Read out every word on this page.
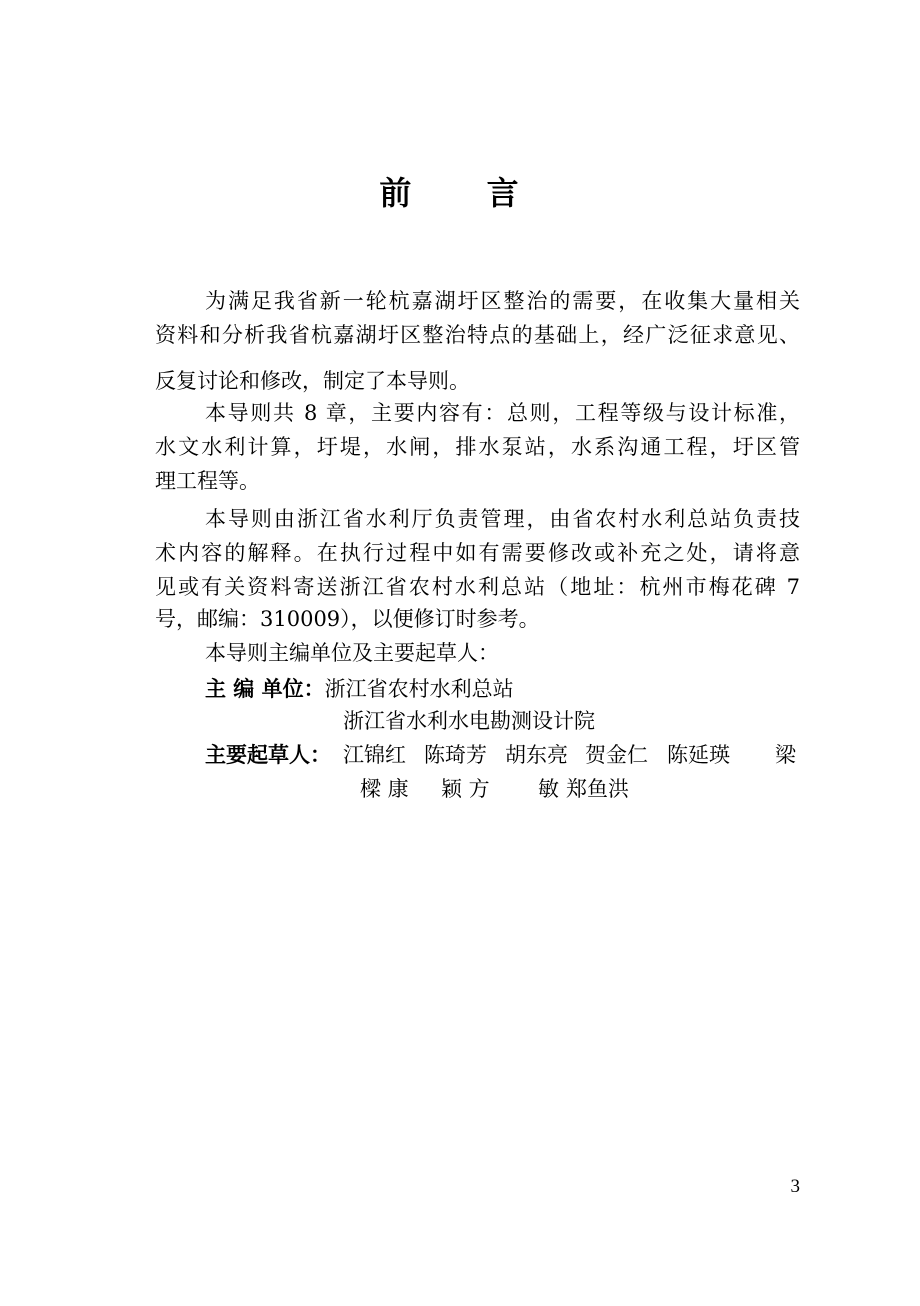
前 言
为满足我省新一轮杭嘉湖圩区整治的需要，在收集大量相关
资料和分析我省杭嘉湖圩区整治特点的基础上，经广泛征求意见、
反复讨论和修改，制定了本导则。
本导则共 8 章，主要内容有：总则，工程等级与设计标准，
水文水利计算，圩堤，水闸，排水泵站，水系沟通工程，圩区管
理工程等。
本导则由浙江省水利厅负责管理，由省农村水利总站负责技
术内容的解释。在执行过程中如有需要修改或补充之处，请将意
见或有关资料寄送浙江省农村水利总站（地址：杭州市梅花碑 7
号，邮编：310009），以便修订时参考。
本导则主编单位及主要起草人：
主 编 单位：浙江省农村水利总站
浙江省水利水电勘测设计院
主要起草人： 江锦红 陈琦芳 胡东亮 贺金仁 陈延瑛 梁
樑 康 颖 方 敏 郑鱼洪
3
